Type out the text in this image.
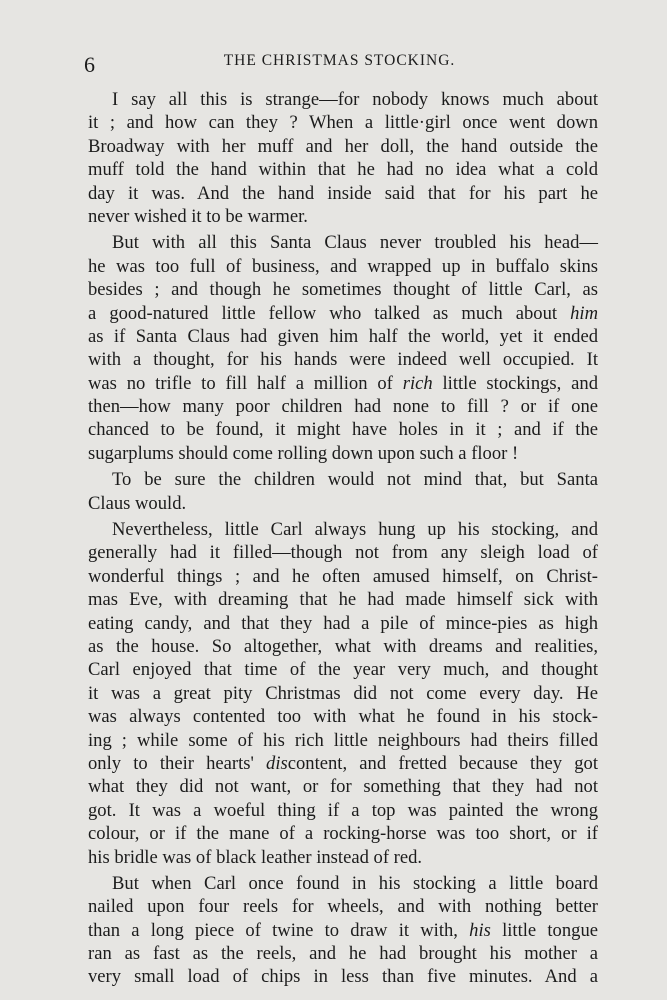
6	THE CHRISTMAS STOCKING.
I say all this is strange—for nobody knows much about
it ; and how can they ? When a little·girl once went down
Broadway with her muff and her doll, the hand outside the
muff told the hand within that he had no idea what a cold
day it was. And the hand inside said that for his part he
never wished it to be warmer.
But with all this Santa Claus never troubled his head—
he was too full of business, and wrapped up in buffalo skins
besides ; and though he sometimes thought of little Carl, as
a good-natured little fellow who talked as much about him
as if Santa Claus had given him half the world, yet it ended
with a thought, for his hands were indeed well occupied. It
was no trifle to fill half a million of rich little stockings, and
then—how many poor children had none to fill ? or if one
chanced to be found, it might have holes in it ; and if the
sugarplums should come rolling down upon such a floor !
To be sure the children would not mind that, but Santa
Claus would.
Nevertheless, little Carl always hung up his stocking, and
generally had it filled—though not from any sleigh load of
wonderful things ; and he often amused himself, on Christ-
mas Eve, with dreaming that he had made himself sick with
eating candy, and that they had a pile of mince-pies as high
as the house. So altogether, what with dreams and realities,
Carl enjoyed that time of the year very much, and thought
it was a great pity Christmas did not come every day. He
was always contented too with what he found in his stock-
ing ; while some of his rich little neighbours had theirs filled
only to their hearts' discontent, and fretted because they got
what they did not want, or for something that they had not
got. It was a woeful thing if a top was painted the wrong
colour, or if the mane of a rocking-horse was too short, or if
his bridle was of black leather instead of red.
But when Carl once found in his stocking a little board
nailed upon four reels for wheels, and with nothing better
than a long piece of twine to draw it with, his little tongue
ran as fast as the reels, and he had brought his mother a
very small load of chips in less than five minutes. And a
